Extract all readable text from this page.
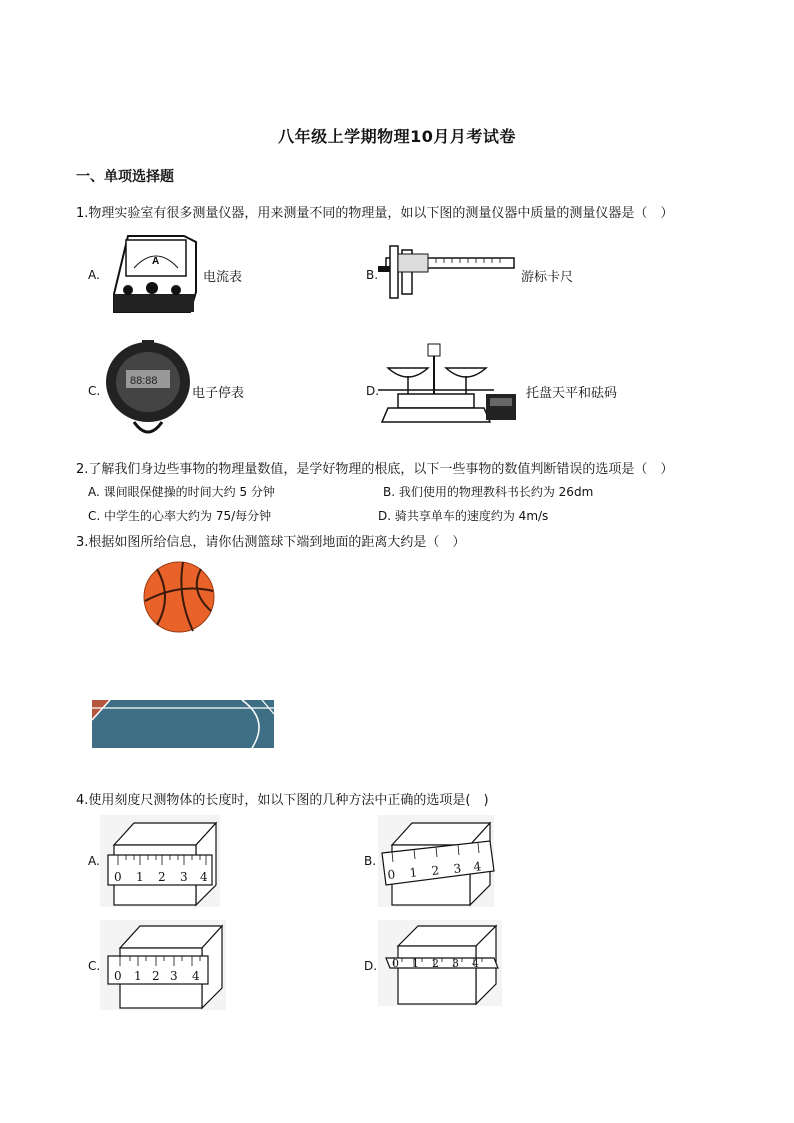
八年级上学期物理10月月考试卷
一、单项选择题
1.物理实验室有很多测量仪器，用来测量不同的物理量，如以下图的测量仪器中质量的测量仪器是（　）
A.
A
电流表	B.	游标卡尺
C.
88:88
电子停表	D.	托盘天平和砝码
2.了解我们身边些事物的物理量数值，是学好物理的根底，以下一些事物的数值判断错误的选项是（　）
A. 课间眼保健操的时间大约 5 分钟	B. 我们使用的物理教科书长约为 26dm
C. 中学生的心率大约为 75/每分钟	D. 骑共享单车的速度约为 4m/s
3.根据如图所给信息，请你估测篮球下端到地面的距离大约是（　）
4.使用刻度尺测物体的长度时，如以下图的几种方法中正确的选项是(　)
A.
0 1 2 3 4
B.
0 1 2 3 4
C.
0 1 2 3 4
D. 0 1 2 3 4
